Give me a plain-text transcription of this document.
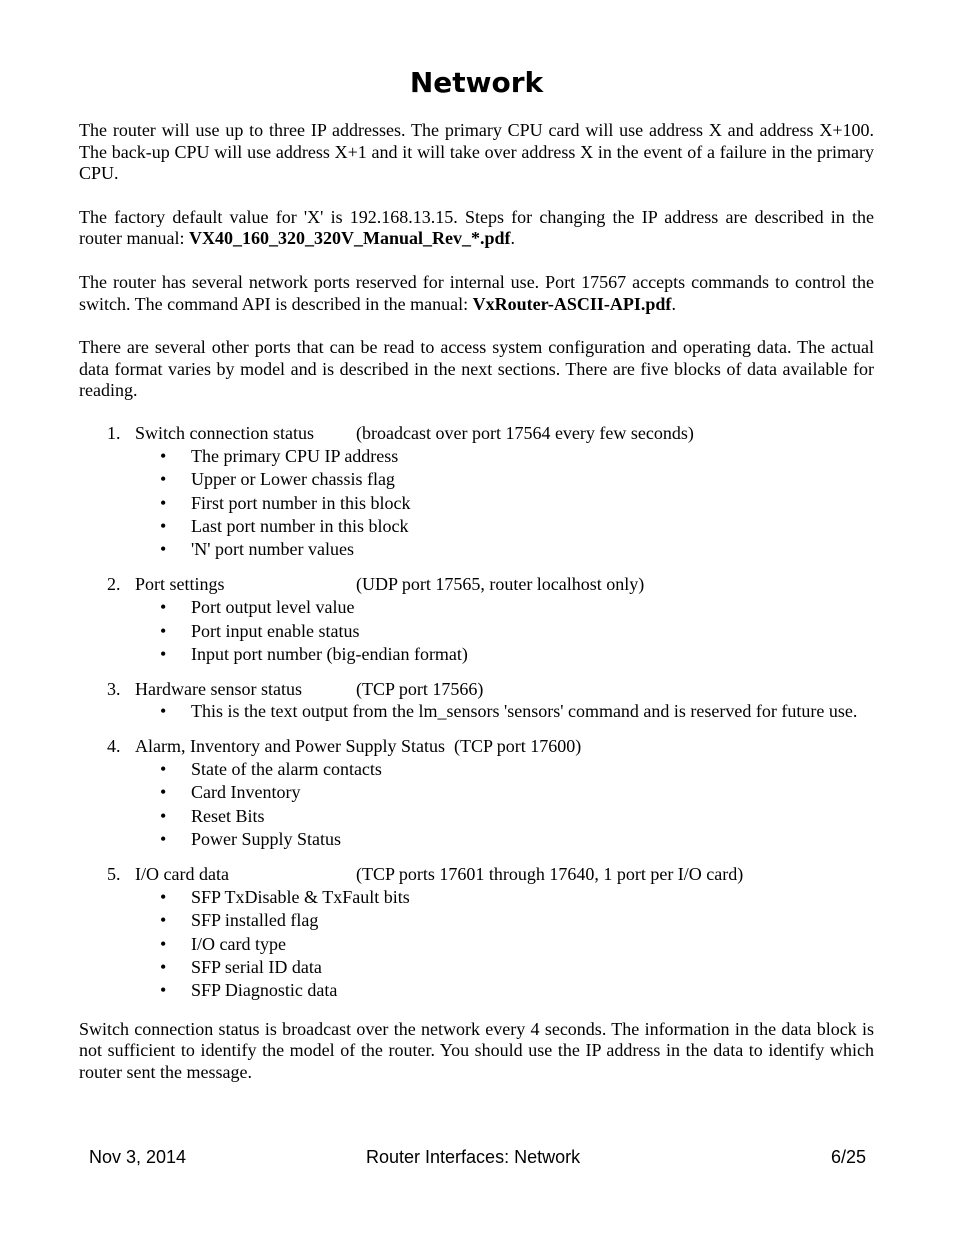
Network

The router will use up to three IP addresses. The primary CPU card will use address X and address X+100. The back-up CPU will use address X+1 and it will take over address X in the event of a failure in the primary CPU.

The factory default value for 'X' is 192.168.13.15. Steps for changing the IP address are described in the router manual: VX40_160_320_320V_Manual_Rev_*.pdf.

The router has several network ports reserved for internal use. Port 17567 accepts commands to control the switch. The command API is described in the manual: VxRouter-ASCII-API.pdf.

There are several other ports that can be read to access system configuration and operating data. The actual data format varies by model and is described in the next sections. There are five blocks of data available for reading.

1. Switch connection status	(broadcast over port 17564 every few seconds)
• The primary CPU IP address
• Upper or Lower chassis flag
• First port number in this block
• Last port number in this block
• 'N' port number values
2. Port settings	(UDP port 17565, router localhost only)
• Port output level value
• Port input enable status
• Input port number (big-endian format)
3. Hardware sensor status	(TCP port 17566)
• This is the text output from the lm_sensors 'sensors' command and is reserved for future use.
4. Alarm, Inventory and Power Supply Status  (TCP port 17600)
• State of the alarm contacts
• Card Inventory
• Reset Bits
• Power Supply Status
5. I/O card data	(TCP ports 17601 through 17640, 1 port per I/O card)
• SFP TxDisable & TxFault bits
• SFP installed flag
• I/O card type
• SFP serial ID data
• SFP Diagnostic data

Switch connection status is broadcast over the network every 4 seconds. The information in the data block is not sufficient to identify the model of the router. You should use the IP address in the data to identify which router sent the message.

Nov 3, 2014	Router Interfaces: Network	6/25
